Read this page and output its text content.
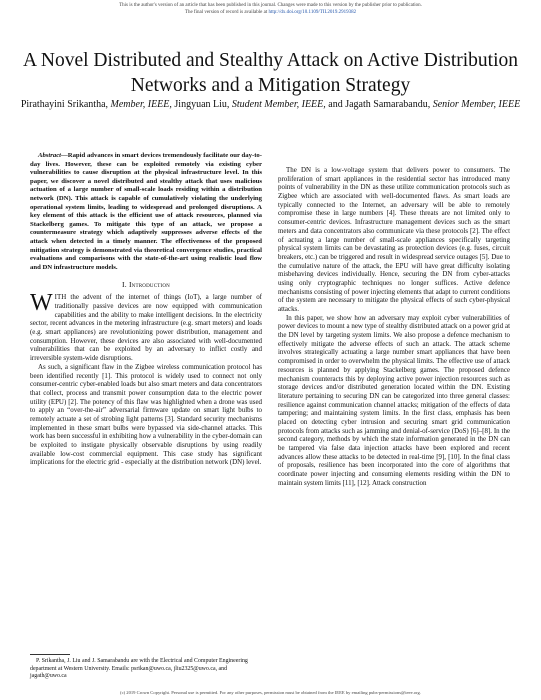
This is the author's version of an article that has been published in this journal. Changes were made to this version by the publisher prior to publication.
The final version of record is available at http://dx.doi.org/10.1109/TII.2019.2919382
A Novel Distributed and Stealthy Attack on Active Distribution Networks and a Mitigation Strategy
Pirathayini Srikantha, Member, IEEE, Jingyuan Liu, Student Member, IEEE, and Jagath Samarabandu, Senior Member, IEEE

Abstract—Rapid advances in smart devices tremendously facilitate our day-to-day lives. However, these can be exploited remotely via existing cyber vulnerabilities to cause disruption at the physical infrastructure level. In this paper, we discover a novel distributed and stealthy attack that uses malicious actuation of a large number of small-scale loads residing within a distribution network (DN). This attack is capable of cumulatively violating the underlying operational system limits, leading to widespread and prolonged disruptions. A key element of this attack is the efficient use of attack resources, planned via Stackelberg games. To mitigate this type of an attack, we propose a countermeasure strategy which adaptively suppresses adverse effects of the attack when detected in a timely manner. The effectiveness of the proposed mitigation strategy is demonstrated via theoretical convergence studies, practical evaluations and comparisons with the state-of-the-art using realistic load flow and DN infrastructure models.

I. Introduction

WITH the advent of the internet of things (IoT), a large number of traditionally passive devices are now equipped with communication capabilities and the ability to make intelligent decisions. In the electricity sector, recent advances in the metering infrastructure (e.g. smart meters) and loads (e.g. smart appliances) are revolutionizing power distribution, management and consumption. However, these devices are also associated with well-documented vulnerabilities that can be exploited by an adversary to inflict costly and irreversible system-wide disruptions.

As such, a significant flaw in the Zigbee wireless communication protocol has been identified recently [1]. This protocol is widely used to connect not only consumer-centric cyber-enabled loads but also smart meters and data concentrators that collect, process and transmit power consumption data to the electric power utility (EPU) [2]. The potency of this flaw was highlighted when a drone was used to apply an “over-the-air” adversarial firmware update on smart light bulbs to remotely actuate a set of strobing light patterns [3]. Standard security mechanisms implemented in these smart bulbs were bypassed via side-channel attacks. This work has been successful in exhibiting how a vulnerability in the cyber-domain can be exploited to instigate physically observable disruptions by using readily available low-cost commercial equipment. This case study has significant implications for the electric grid - especially at the distribution network (DN) level.

The DN is a low-voltage system that delivers power to consumers. The proliferation of smart appliances in the residential sector has introduced many points of vulnerability in the DN as these utilize communication protocols such as Zigbee which are associated with well-documented flaws. As smart loads are typically connected to the Internet, an adversary will be able to remotely compromise these in large numbers [4]. These threats are not limited only to consumer-centric devices. Infrastructure management devices such as the smart meters and data concentrators also communicate via these protocols [2]. The effect of actuating a large number of small-scale appliances specifically targeting physical system limits can be devastating as protection devices (e.g. fuses, circuit breakers, etc.) can be triggered and result in widespread service outages [5]. Due to the cumulative nature of the attack, the EPU will have great difficulty isolating misbehaving devices individually. Hence, securing the DN from cyber-attacks using only cryptographic techniques no longer suffices. Active defence mechanisms consisting of power injecting elements that adapt to current conditions of the system are necessary to mitigate the physical effects of such cyber-physical attacks.

In this paper, we show how an adversary may exploit cyber vulnerabilities of power devices to mount a new type of stealthy distributed attack on a power grid at the DN level by targeting system limits. We also propose a defence mechanism to effectively mitigate the adverse effects of such an attack. The attack scheme involves strategically actuating a large number smart appliances that have been compromised in order to overwhelm the physical limits. The effective use of attack resources is planned by applying Stackelberg games. The proposed defence mechanism counteracts this by deploying active power injection resources such as storage devices and/or distributed generation located within the DN. Existing literature pertaining to securing DN can be categorized into three general classes: resilience against communication channel attacks; mitigation of the effects of data tampering; and maintaining system limits. In the first class, emphasis has been placed on detecting cyber intrusion and securing smart grid communication protocols from attacks such as jamming and denial-of-service (DoS) [6]–[8]. In the second category, methods by which the state information generated in the DN can be tampered via false data injection attacks have been explored and recent advances allow these attacks to be detected in real-time [9], [10]. In the final class of proposals, resilience has been incorporated into the core of algorithms that coordinate power injecting and consuming elements residing within the DN to maintain system limits [11], [12]. Attack construction

P. Srikantha, J. Liu and J. Samarabandu are with the Electrical and Computer Engineering department at Western University. Emails: psrikan@uwo.ca, jliu2325@uwo.ca, and jagath@uwo.ca

(c) 2019 Crown Copyright. Personal use is permitted. For any other purposes, permission must be obtained from the IEEE by emailing pubs-permissions@ieee.org.
